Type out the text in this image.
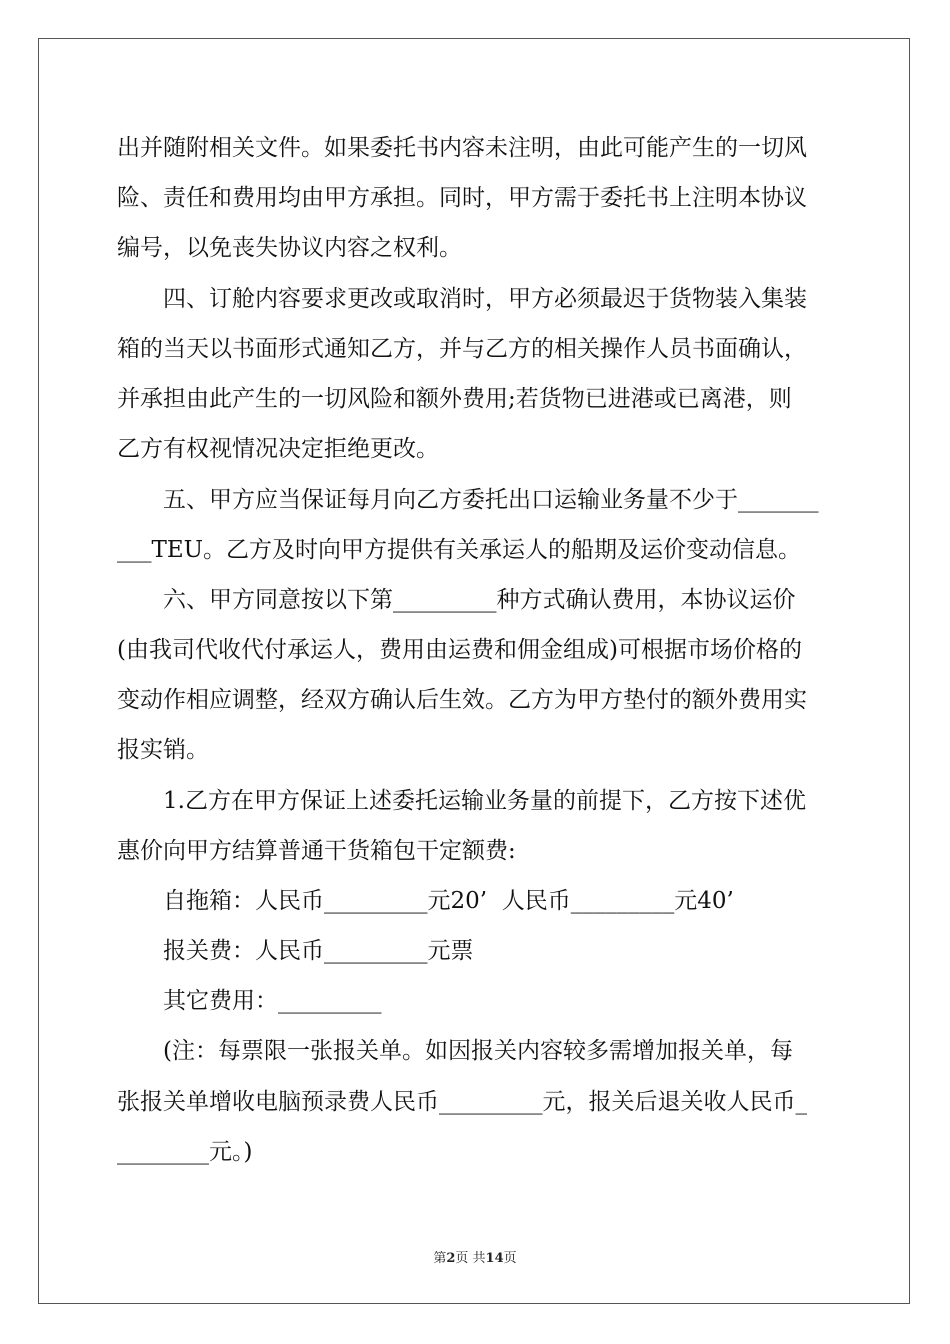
出并随附相关文件。如果委托书内容未注明，由此可能产生的一切风
险、责任和费用均由甲方承担。同时，甲方需于委托书上注明本协议
编号，以免丧失协议内容之权利。
四、订舱内容要求更改或取消时，甲方必须最迟于货物装入集装
箱的当天以书面形式通知乙方，并与乙方的相关操作人员书面确认，
并承担由此产生的一切风险和额外费用;若货物已进港或已离港，则
乙方有权视情况决定拒绝更改。
五、甲方应当保证每月向乙方委托出口运输业务量不少于_______
___TEU。乙方及时向甲方提供有关承运人的船期及运价变动信息。
六、甲方同意按以下第_________种方式确认费用，本协议运价
(由我司代收代付承运人，费用由运费和佣金组成)可根据市场价格的
变动作相应调整，经双方确认后生效。乙方为甲方垫付的额外费用实
报实销。
1.乙方在甲方保证上述委托运输业务量的前提下，乙方按下述优
惠价向甲方结算普通干货箱包干定额费:
自拖箱：人民币_________元20’  人民币_________元40’
报关费：人民币_________元票
其它费用：_________
(注：每票限一张报关单。如因报关内容较多需增加报关单，每
张报关单增收电脑预录费人民币_________元，报关后退关收人民币_
________元。)
第2页 共14页
